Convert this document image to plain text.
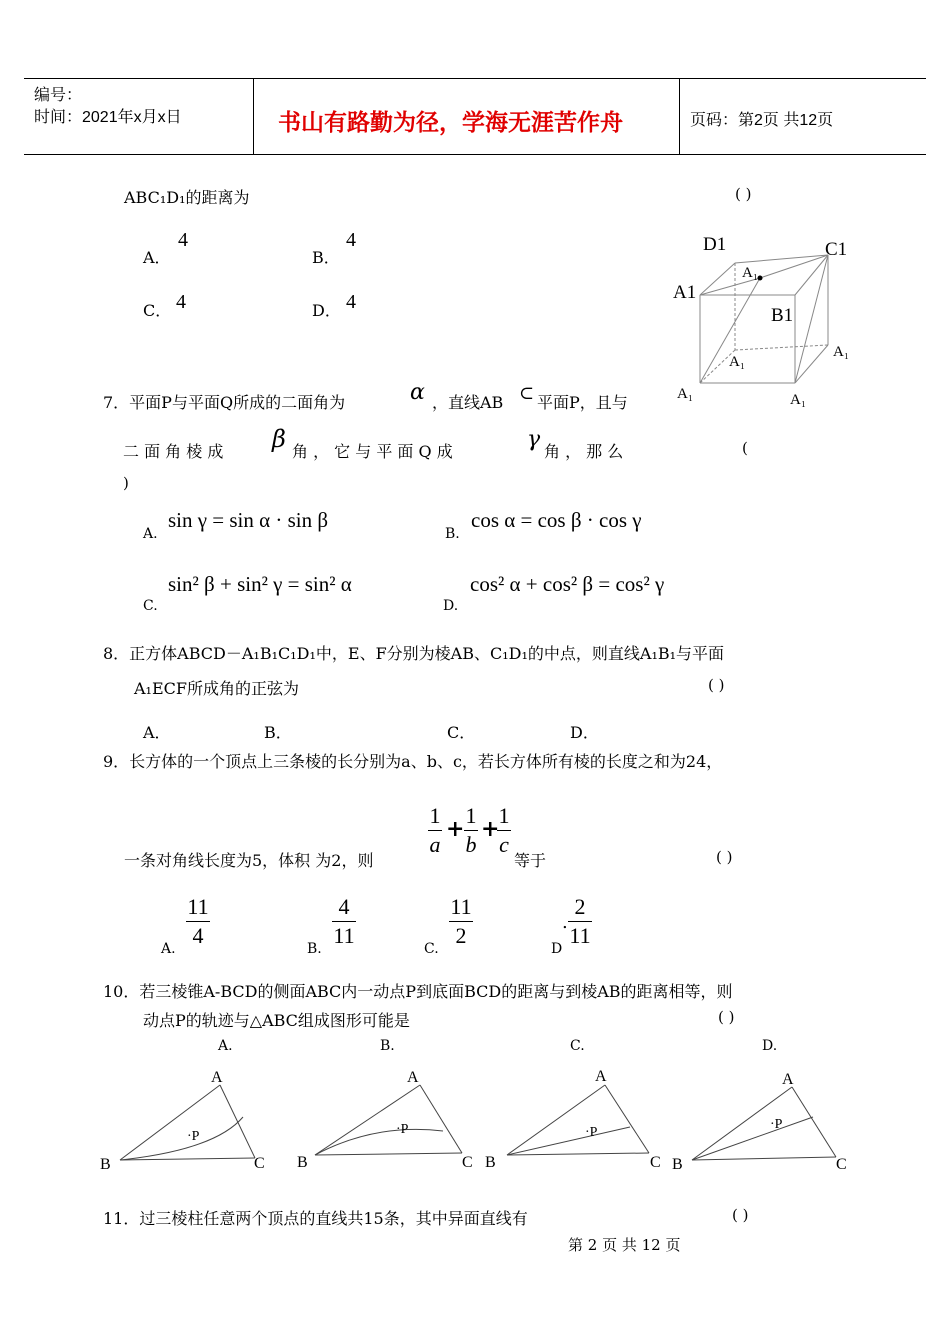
编号：
时间：2021年x月x日	书山有路勤为径，学海无涯苦作舟	页码：第2页 共12页
ABC₁D₁的距离为	( )
A．
4
B．
4
C． 4	D． 4
D1	C1
A1
B1
A₁
A₁
A₁
A₁	A₁
7．平面P与平面Q所成的二面角为	α ，直线AB ⊂ 平面P，且与
二 面 角 棱 成 β 角 ， 它 与 平 面 Q 成	γ 角 ， 那 么	(
)
A.
sin γ = sin α · sin β
B.
cos α = cos β · cos γ
C.
sin² β + sin² γ = sin² α
D.
cos² α + cos² β = cos² γ
8．正方体ABCD－A₁B₁C₁D₁中，E、F分别为棱AB、C₁D₁的中点，则直线A₁B₁与平面
A₁ECF所成角的正弦为	( )
A．	B．	C．	D．
9．长方体的一个顶点上三条棱的长分别为a、b、c，若长方体所有棱的长度之和为24，
一条对角线长度为5，体积 为2，则
1
a
+
1
b
+
1
c
等于	( )
A.
11
4
B.
4
11
C.
11
2
D
.
2
11
10．若三棱锥A-BCD的侧面ABC内一动点P到底面BCD的距离与到棱AB的距离相等，则
动点P的轨迹与△ABC组成图形可能是	( )
A.	B.	C.	D.
A
B	C
·P
A
B	C
·P
A
B	C
·P
A
B	C
·P
11．过三棱柱任意两个顶点的直线共15条，其中异面直线有	( )
第 2 页 共 12 页
